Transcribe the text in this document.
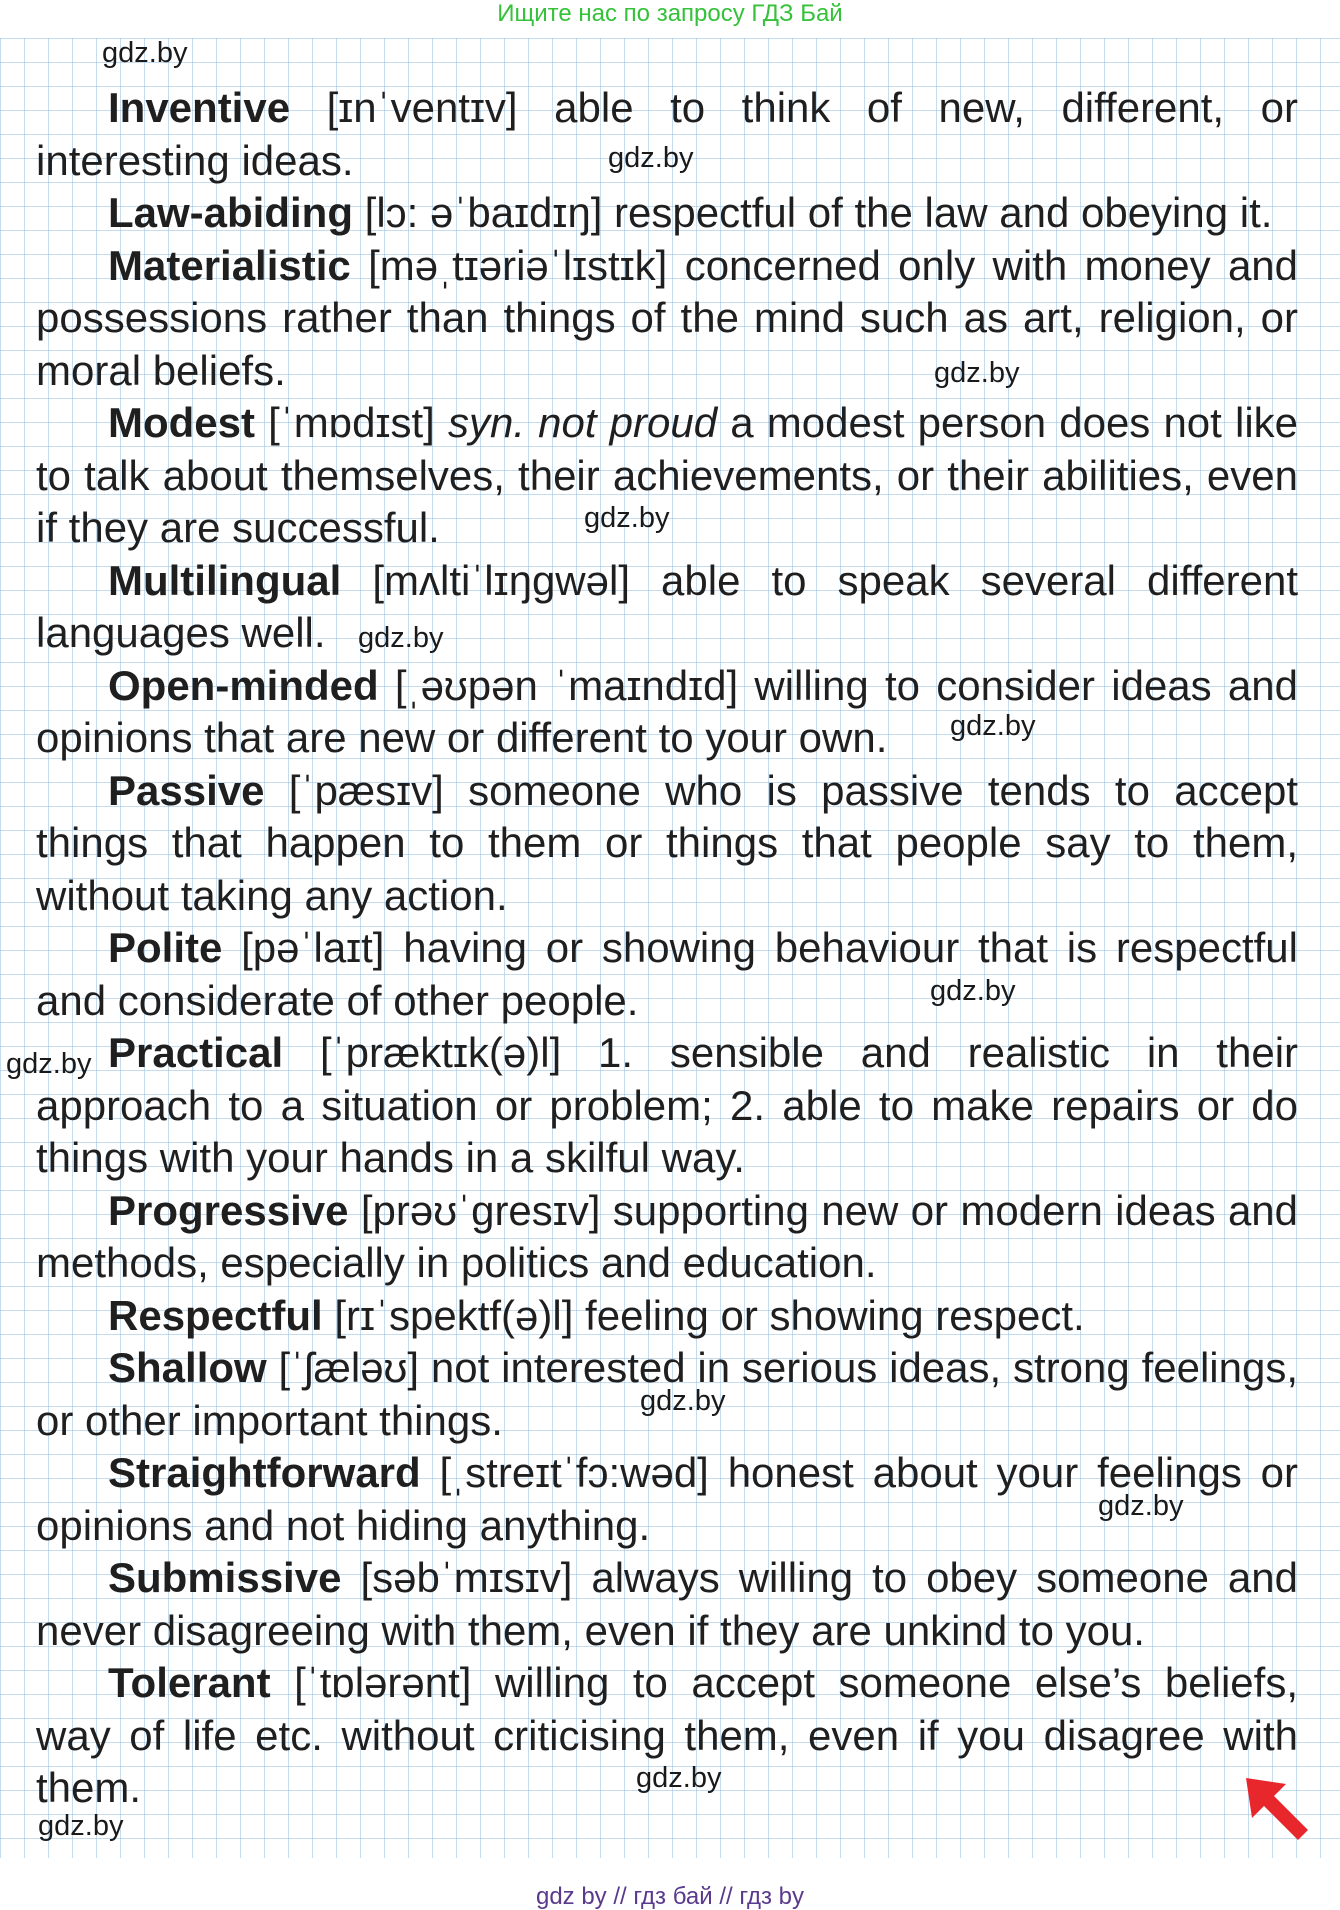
Ищите нас по запросу ГДЗ Бай

Inventive [ɪnˈventɪv] able to think of new, different, or interesting ideas.

Law-abiding [lɔ: əˈbaɪdɪŋ] respectful of the law and obeying it.

Materialistic [məˌtɪəriəˈlɪstɪk] concerned only with money and possessions rather than things of the mind such as art, religion, or moral beliefs.

Modest [ˈmɒdɪst] syn. not proud a modest person does not like to talk about themselves, their achievements, or their abilities, even if they are successful.

Multilingual [mʌltiˈlɪŋgwəl] able to speak several different languages well.

Open-minded [ˌəʊpən ˈmaɪndɪd] willing to consider ideas and opinions that are new or different to your own.

Passive [ˈpæsɪv] someone who is passive tends to accept things that happen to them or things that people say to them, without taking any action.

Polite [pəˈlaɪt] having or showing behaviour that is respectful and considerate of other people.

Practical [ˈpræktɪk(ə)l] 1. sensible and realistic in their approach to a situation or problem; 2. able to make repairs or do things with your hands in a skilful way.

Progressive [prəʊˈgresɪv] supporting new or modern ideas and methods, especially in politics and education.

Respectful [rɪˈspektf(ə)l] feeling or showing respect.

Shallow [ˈʃæləʊ] not interested in serious ideas, strong feelings, or other important things.

Straightforward [ˌstreɪtˈfɔ:wəd] honest about your feelings or opinions and not hiding anything.

Submissive [səbˈmɪsɪv] always willing to obey someone and never disagreeing with them, even if they are unkind to you.

Tolerant [ˈtɒlərənt] willing to accept someone else’s beliefs, way of life etc. without criticising them, even if you disagree with them.

gdz.by
gdz.by
gdz.by
gdz.by
gdz.by
gdz.by
gdz.by
gdz.by
gdz.by
gdz.by
gdz.by
gdz.by
gdz by // гдз бай // гдз by
